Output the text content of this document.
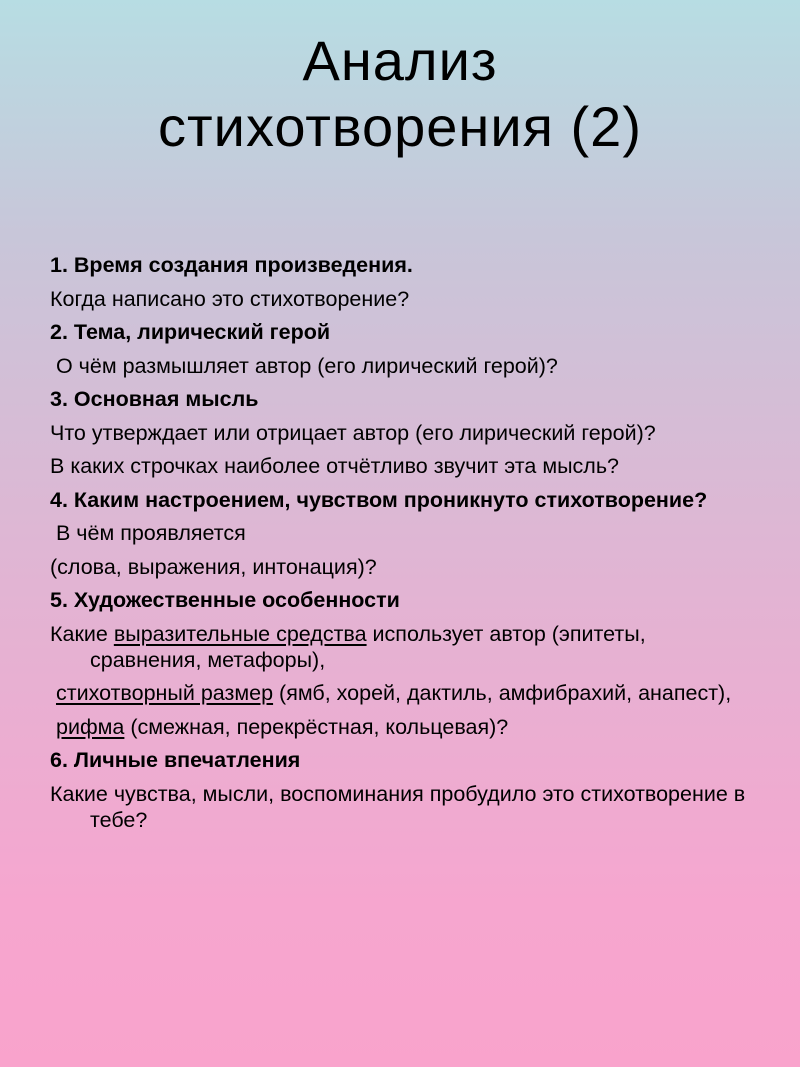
Анализ
стихотворения (2)

1. Время создания произведения.

Когда написано это стихотворение?

2. Тема, лирический герой

О чём размышляет автор (его лирический герой)?

3. Основная мысль

Что утверждает или отрицает автор (его лирический герой)?

В каких строчках наиболее отчётливо звучит эта мысль?

4. Каким настроением, чувством проникнуто стихотворение?

В чём проявляется

(слова, выражения, интонация)?

5. Художественные особенности

Какие выразительные средства использует автор (эпитеты, сравнения, метафоры),

стихотворный размер (ямб, хорей, дактиль, амфибрахий, анапест),

рифма (смежная, перекрёстная, кольцевая)?

6. Личные впечатления

Какие чувства, мысли, воспоминания пробудило это стихотворение в тебе?
